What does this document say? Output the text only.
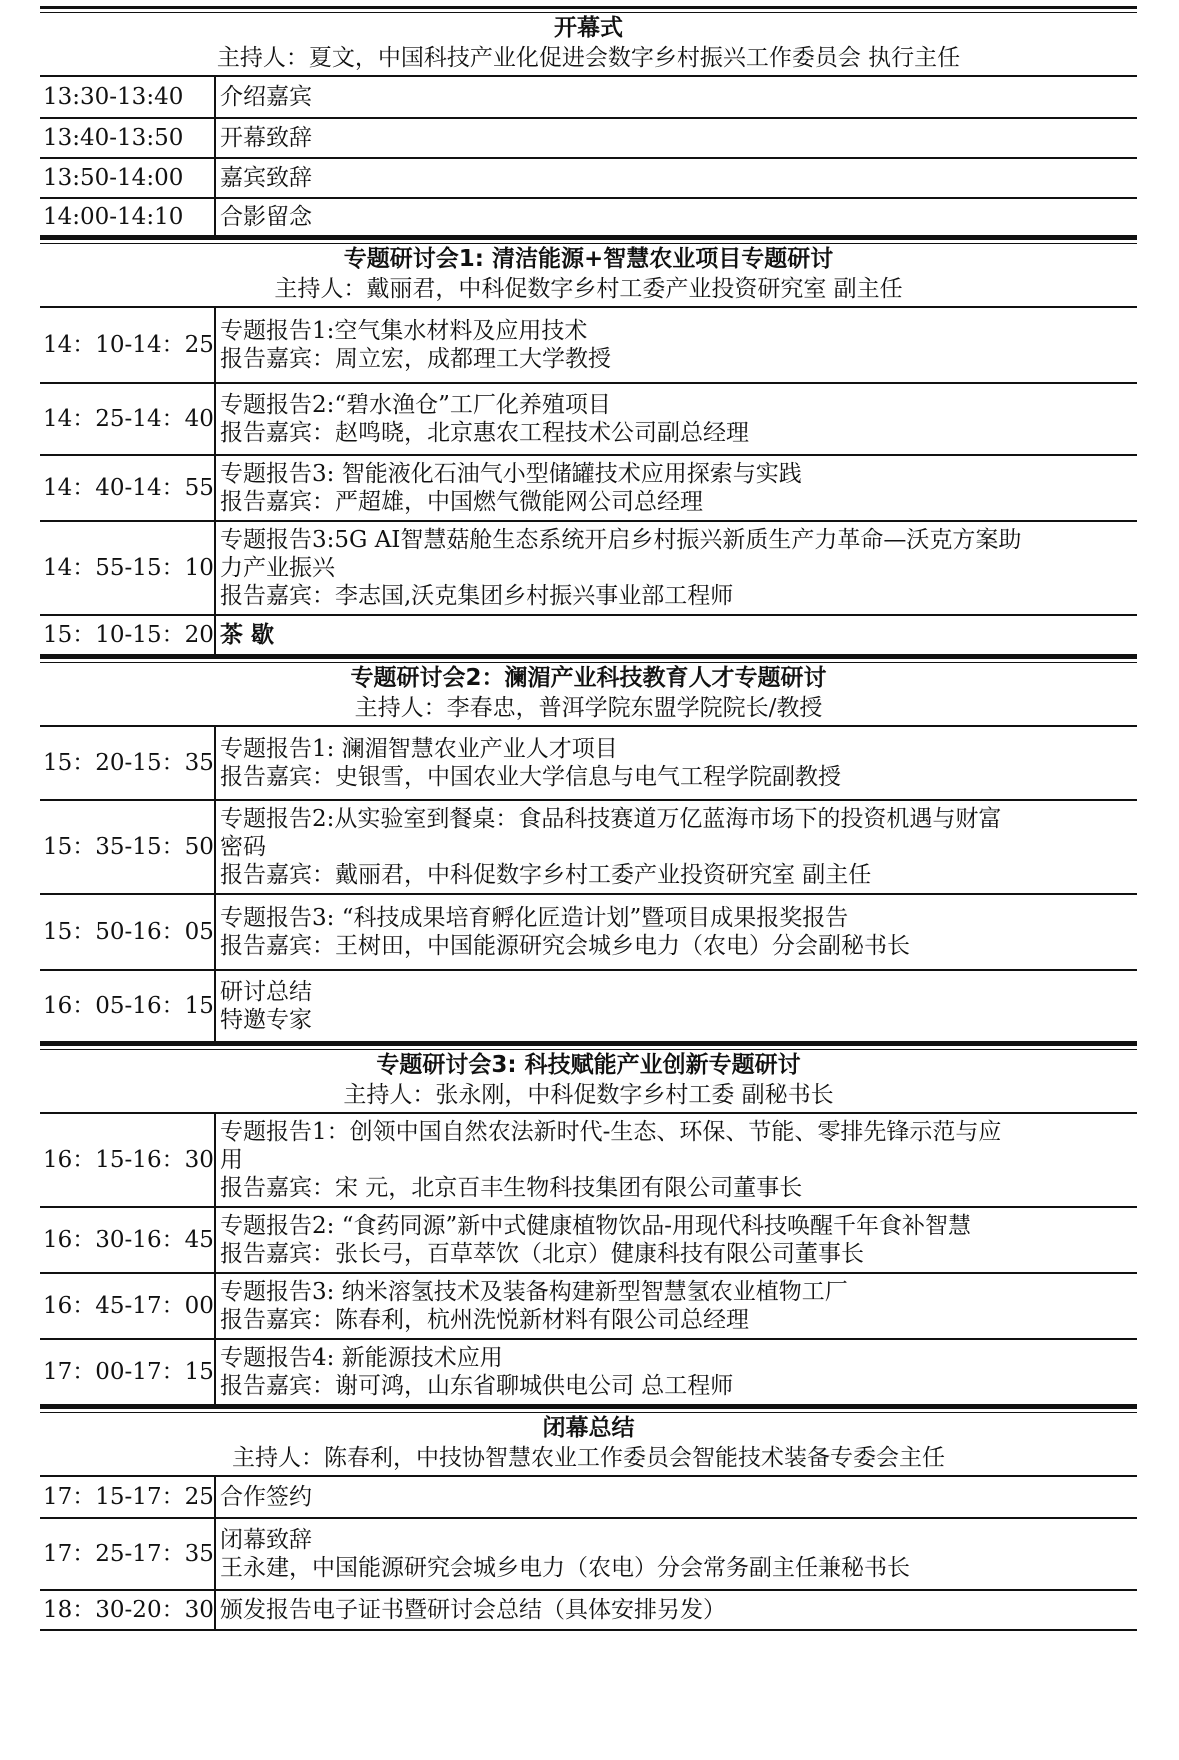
开幕式
主持人：夏文，中国科技产业化促进会数字乡村振兴工作委员会 执行主任
13:30-13:40	介绍嘉宾

13:40-13:50	开幕致辞

13:50-14:00	嘉宾致辞

14:00-14:10	合影留念
专题研讨会1: 清洁能源+智慧农业项目专题研讨
主持人：戴丽君，中科促数字乡村工委产业投资研究室 副主任
14：10-14：25	专题报告1:空气集水材料及应用技术
报告嘉宾：周立宏，成都理工大学教授

14：25-14：40	专题报告2:“碧水渔仓”工厂化养殖项目
报告嘉宾：赵鸣晓，北京惠农工程技术公司副总经理

14：40-14：55	专题报告3: 智能液化石油气小型储罐技术应用探索与实践
报告嘉宾：严超雄，中国燃气微能网公司总经理

14：55-15：10	专题报告3:5G AI智慧菇舱生态系统开启乡村振兴新质生产力革命—沃克方案助
力产业振兴
报告嘉宾：李志国,沃克集团乡村振兴事业部工程师

15：10-15：20	茶 歇
专题研讨会2：澜湄产业科技教育人才专题研讨
主持人：李春忠，普洱学院东盟学院院长/教授
15：20-15：35	专题报告1: 澜湄智慧农业产业人才项目
报告嘉宾：史银雪，中国农业大学信息与电气工程学院副教授

15：35-15：50	专题报告2:从实验室到餐桌：食品科技赛道万亿蓝海市场下的投资机遇与财富
密码
报告嘉宾：戴丽君，中科促数字乡村工委产业投资研究室 副主任

15：50-16：05	专题报告3: “科技成果培育孵化匠造计划”暨项目成果报奖报告
报告嘉宾：王树田，中国能源研究会城乡电力（农电）分会副秘书长

16：05-16：15	研讨总结
特邀专家
专题研讨会3: 科技赋能产业创新专题研讨
主持人：张永刚，中科促数字乡村工委 副秘书长
16：15-16：30	专题报告1：创领中国自然农法新时代-生态、环保、节能、零排先锋示范与应
用
报告嘉宾：宋 元，北京百丰生物科技集团有限公司董事长

16：30-16：45	专题报告2: “食药同源”新中式健康植物饮品-用现代科技唤醒千年食补智慧
报告嘉宾：张长弓，百草萃饮（北京）健康科技有限公司董事长

16：45-17：00	专题报告3: 纳米溶氢技术及装备构建新型智慧氢农业植物工厂
报告嘉宾：陈春利，杭州洗悦新材料有限公司总经理

17：00-17：15	专题报告4: 新能源技术应用
报告嘉宾：谢可鸿，山东省聊城供电公司 总工程师
闭幕总结
主持人：陈春利，中技协智慧农业工作委员会智能技术装备专委会主任
17：15-17：25	合作签约

17：25-17：35	闭幕致辞
王永建，中国能源研究会城乡电力（农电）分会常务副主任兼秘书长

18：30-20：30	颁发报告电子证书暨研讨会总结（具体安排另发）
